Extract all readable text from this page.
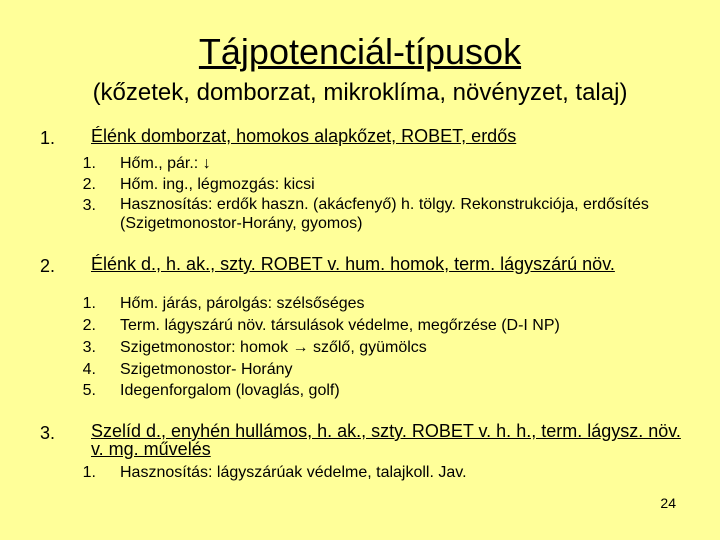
Tájpotenciál-típusok
(kőzetek, domborzat, mikroklíma, növényzet, talaj)
1. Élénk domborzat, homokos alapkőzet, ROBET, erdős
1. Hőm., pár.: ↓
2. Hőm. ing., légmozgás: kicsi
3. Hasznosítás: erdők haszn. (akácfenyő) h. tölgy. Rekonstrukciója, erdősítés (Szigetmonostor-Horány, gyomos)
2. Élénk d., h. ak., szty. ROBET v. hum. homok, term. lágyszárú növ.
1. Hőm. járás, párolgás: szélsőséges
2. Term. lágyszárú növ. társulások védelme, megőrzése (D-I NP)
3. Szigetmonostor: homok → szőlő, gyümölcs
4. Szigetmonostor- Horány
5. Idegenforgalom (lovaglás, golf)
3. Szelíd d., enyhén hullámos, h. ak., szty. ROBET v. h. h., term. lágysz. növ. v. mg. művelés
1. Hasznosítás: lágyszárúak védelme, talajkoll. Jav.
24
